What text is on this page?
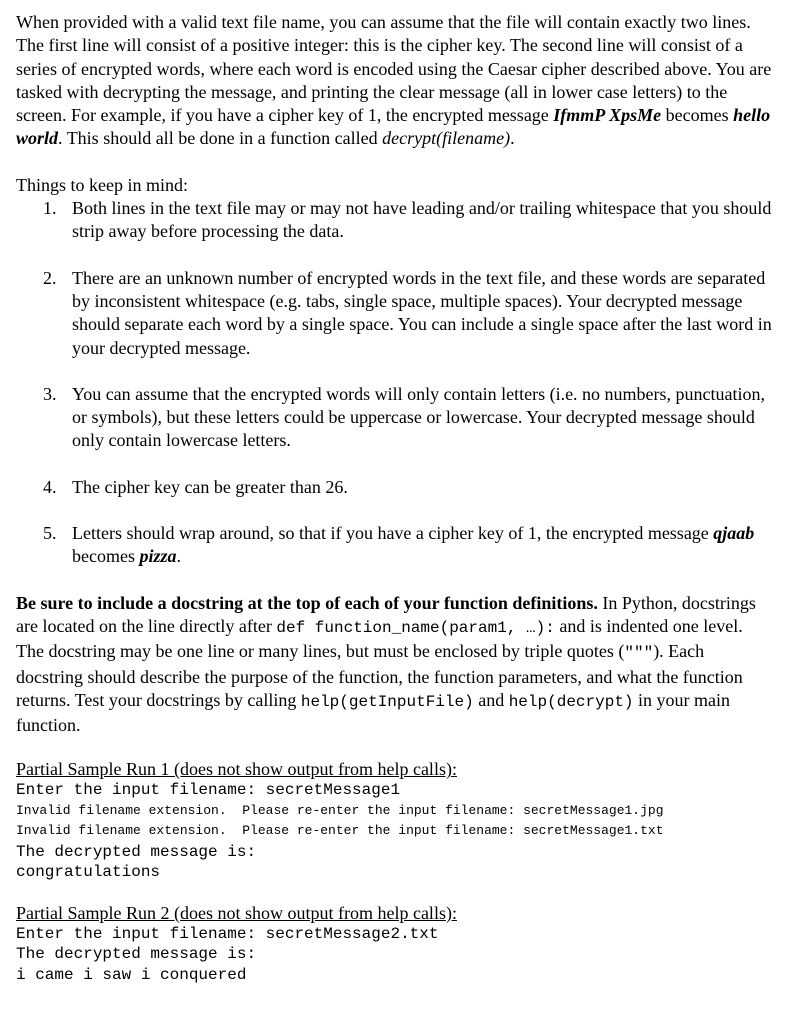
When provided with a valid text file name, you can assume that the file will contain exactly two lines. The first line will consist of a positive integer: this is the cipher key. The second line will consist of a series of encrypted words, where each word is encoded using the Caesar cipher described above. You are tasked with decrypting the message, and printing the clear message (all in lower case letters) to the screen. For example, if you have a cipher key of 1, the encrypted message IfmmP XpsMe becomes hello world. This should all be done in a function called decrypt(filename).

Things to keep in mind:

1. Both lines in the text file may or may not have leading and/or trailing whitespace that you should strip away before processing the data.
2. There are an unknown number of encrypted words in the text file, and these words are separated by inconsistent whitespace (e.g. tabs, single space, multiple spaces). Your decrypted message should separate each word by a single space. You can include a single space after the last word in your decrypted message.
3. You can assume that the encrypted words will only contain letters (i.e. no numbers, punctuation, or symbols), but these letters could be uppercase or lowercase. Your decrypted message should only contain lowercase letters.
4. The cipher key can be greater than 26.
5. Letters should wrap around, so that if you have a cipher key of 1, the encrypted message qjaab becomes pizza.

Be sure to include a docstring at the top of each of your function definitions. In Python, docstrings are located on the line directly after def function_name(param1, …): and is indented one level. The docstring may be one line or many lines, but must be enclosed by triple quotes ("""). Each docstring should describe the purpose of the function, the function parameters, and what the function returns. Test your docstrings by calling help(getInputFile) and help(decrypt) in your main function.

Partial Sample Run 1 (does not show output from help calls):

Enter the input filename: secretMessage1
Invalid filename extension.  Please re-enter the input filename: secretMessage1.jpg
Invalid filename extension.  Please re-enter the input filename: secretMessage1.txt
The decrypted message is:
congratulations

Partial Sample Run 2 (does not show output from help calls):

Enter the input filename: secretMessage2.txt
The decrypted message is:
i came i saw i conquered
